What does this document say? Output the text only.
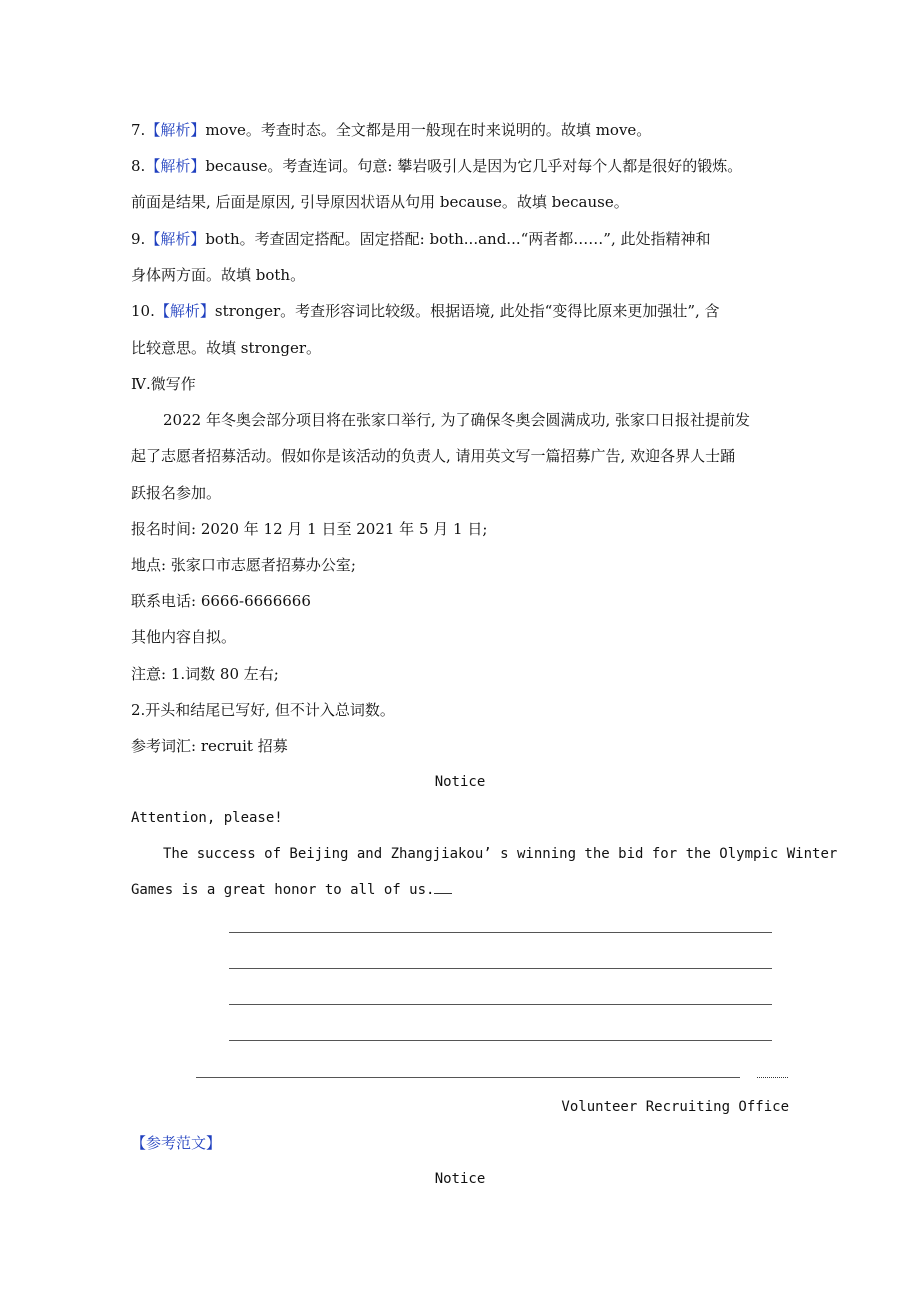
7.【解析】move。考查时态。全文都是用一般现在时来说明的。故填 move。
8.【解析】because。考查连词。句意: 攀岩吸引人是因为它几乎对每个人都是很好的锻炼。
前面是结果, 后面是原因, 引导原因状语从句用 because。故填 because。
9.【解析】both。考查固定搭配。固定搭配: both...and...“两者都……”, 此处指精神和
身体两方面。故填 both。
10.【解析】stronger。考查形容词比较级。根据语境, 此处指“变得比原来更加强壮”, 含
比较意思。故填 stronger。
Ⅳ.微写作
2022 年冬奥会部分项目将在张家口举行, 为了确保冬奥会圆满成功, 张家口日报社提前发
起了志愿者招募活动。假如你是该活动的负责人, 请用英文写一篇招募广告, 欢迎各界人士踊
跃报名参加。
报名时间: 2020 年 12 月 1 日至 2021 年 5 月 1 日;
地点: 张家口市志愿者招募办公室;
联系电话: 6666-6666666
其他内容自拟。
注意: 1.词数 80 左右;
2.开头和结尾已写好, 但不计入总词数。
参考词汇: recruit 招募
Notice
Attention, please!
The success of Beijing and Zhangjiakou’ s winning the bid for the Olympic Winter
Games is a great honor to all of us.
Volunteer Recruiting Office
【参考范文】
Notice
